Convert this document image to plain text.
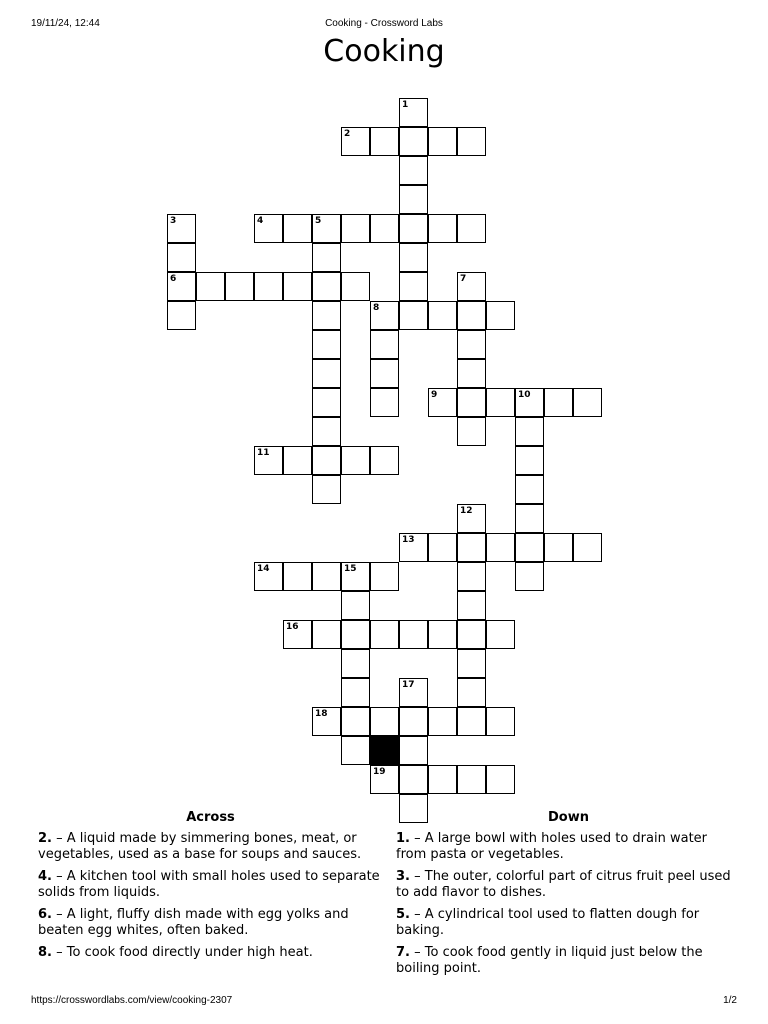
19/11/24, 12:44	Cooking - Crossword Labs
Cooking
1
2
3
6
4	5
7
8
9	10
11
12
13
14	15
16
17
18
19
Across
2. – A liquid made by simmering bones, meat, or vegetables, used as a base for soups and sauces.
4. – A kitchen tool with small holes used to separate solids from liquids.
6. – A light, fluffy dish made with egg yolks and beaten egg whites, often baked.
8. – To cook food directly under high heat.
Down
1. – A large bowl with holes used to drain water from pasta or vegetables.
3. – The outer, colorful part of citrus fruit peel used to add flavor to dishes.
5. – A cylindrical tool used to flatten dough for baking.
7. – To cook food gently in liquid just below the boiling point.
https://crosswordlabs.com/view/cooking-2307	1/2
